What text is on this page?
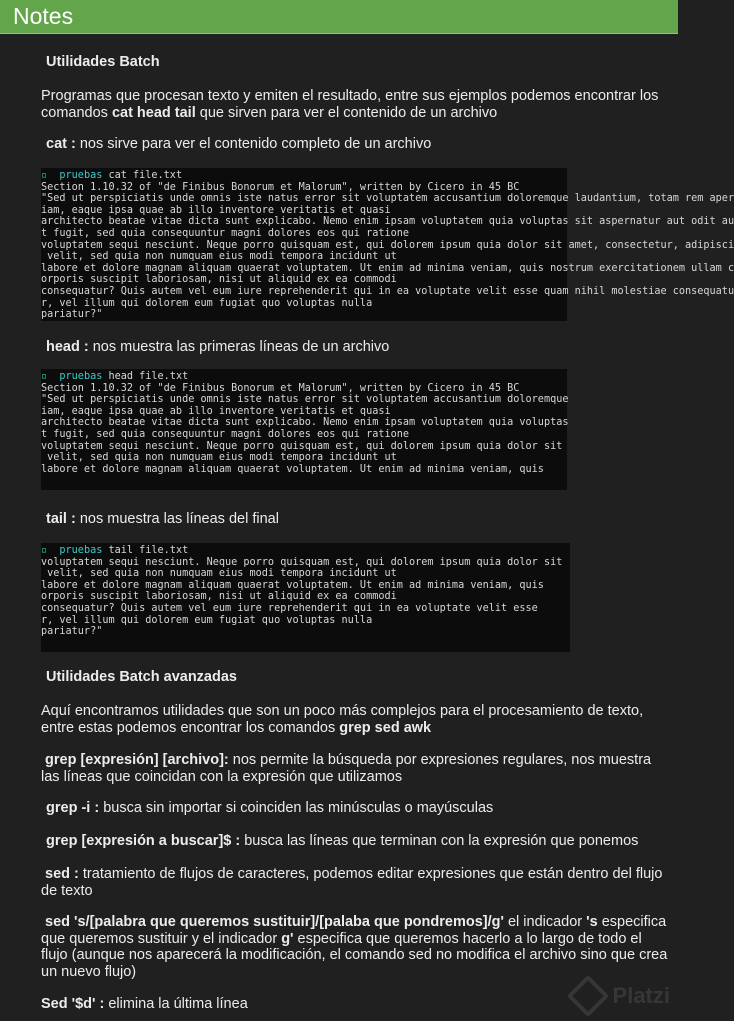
Notes
Utilidades Batch
Programas que procesan texto y emiten el resultado, entre sus ejemplos podemos encontrar los comandos cat head tail que sirven para ver el contenido de un archivo
cat : nos sirve para ver el contenido completo de un archivo
▫  pruebas cat file.txt
Section 1.10.32 of "de Finibus Bonorum et Malorum", written by Cicero in 45 BC
"Sed ut perspiciatis unde omnis iste natus error sit voluptatem accusantium doloremque laudantium, totam rem aper
iam, eaque ipsa quae ab illo inventore veritatis et quasi
architecto beatae vitae dicta sunt explicabo. Nemo enim ipsam voluptatem quia voluptas sit aspernatur aut odit au
t fugit, sed quia consequuntur magni dolores eos qui ratione
voluptatem sequi nesciunt. Neque porro quisquam est, qui dolorem ipsum quia dolor sit amet, consectetur, adipisci
velit, sed quia non numquam eius modi tempora incidunt ut
labore et dolore magnam aliquam quaerat voluptatem. Ut enim ad minima veniam, quis nostrum exercitationem ullam c
orporis suscipit laboriosam, nisi ut aliquid ex ea commodi
consequatur? Quis autem vel eum iure reprehenderit qui in ea voluptate velit esse quam nihil molestiae consequatu
r, vel illum qui dolorem eum fugiat quo voluptas nulla
pariatur?"
head : nos muestra las primeras líneas de un archivo
▫  pruebas head file.txt
Section 1.10.32 of "de Finibus Bonorum et Malorum", written by Cicero in 45 BC
"Sed ut perspiciatis unde omnis iste natus error sit voluptatem accusantium doloremque
iam, eaque ipsa quae ab illo inventore veritatis et quasi
architecto beatae vitae dicta sunt explicabo. Nemo enim ipsam voluptatem quia voluptas
t fugit, sed quia consequuntur magni dolores eos qui ratione
voluptatem sequi nesciunt. Neque porro quisquam est, qui dolorem ipsum quia dolor sit
velit, sed quia non numquam eius modi tempora incidunt ut
labore et dolore magnam aliquam quaerat voluptatem. Ut enim ad minima veniam, quis
tail : nos muestra las líneas del final
▫  pruebas tail file.txt
voluptatem sequi nesciunt. Neque porro quisquam est, qui dolorem ipsum quia dolor sit
velit, sed quia non numquam eius modi tempora incidunt ut
labore et dolore magnam aliquam quaerat voluptatem. Ut enim ad minima veniam, quis
orporis suscipit laboriosam, nisi ut aliquid ex ea commodi
consequatur? Quis autem vel eum iure reprehenderit qui in ea voluptate velit esse
r, vel illum qui dolorem eum fugiat quo voluptas nulla
pariatur?"
Utilidades Batch avanzadas
Aquí encontramos utilidades que son un poco más complejos para el procesamiento de texto, entre estas podemos encontrar los comandos grep sed awk
grep [expresión] [archivo]: nos permite la búsqueda por expresiones regulares, nos muestra las líneas que coincidan con la expresión que utilizamos
grep -i : busca sin importar si coinciden las minúsculas o mayúsculas
grep [expresión a buscar]$ : busca las líneas que terminan con la expresión que ponemos
sed : tratamiento de flujos de caracteres, podemos editar expresiones que están dentro del flujo de texto
sed 's/[palabra que queremos sustituir]/[palaba que pondremos]/g' el indicador 's especifica que queremos sustituir y el indicador g' especifica que queremos hacerlo a lo largo de todo el flujo (aunque nos aparecerá la modificación, el comando sed no modifica el archivo sino que crea un nuevo flujo)
Sed '$d' : elimina la última línea	Platzi
